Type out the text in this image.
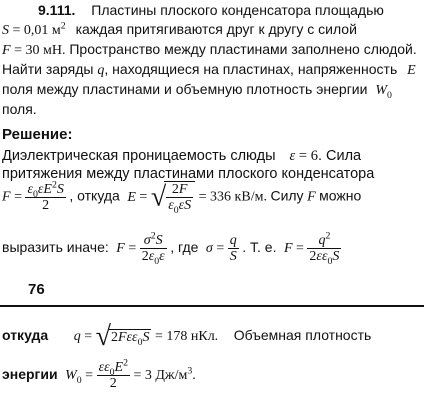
9.111. Пластины плоского конденсатора площадью
S = 0,01 $м^2$ каждая притягиваются друг к другу с силой
F = 30 мН. Пространство между пластинами заполнено слюдой.
Найти заряды q, находящиеся на пластинах, напряженность E
поля между пластинами и объемную плотность энергии $W_0$
поля.
Решение:
Диэлектрическая проницаемость слюды ε = 6. Сила
притяжения между пластинами плоского конденсатора
$F = \frac{\varepsilon_0\varepsilon E^2S}{2}$ , откуда E = √ $\frac{2F}{\varepsilon_0\varepsilon S} = 336$ кВ/м. Силу F можно
выразить иначе: $F = \frac{\sigma^2S}{2\varepsilon_0\varepsilon}$ , где $\sigma = \frac{q}{S}$ . Т. е. $F = \frac{q^2}{2\varepsilon\varepsilon_0S}$
76
откуда q = √2Fεε$_0$S = 178 нКл. Объемная плотность
энергии $W_0 = \frac{\varepsilon\varepsilon_0E^2}{2} = 3$ $Дж/м^3$.
